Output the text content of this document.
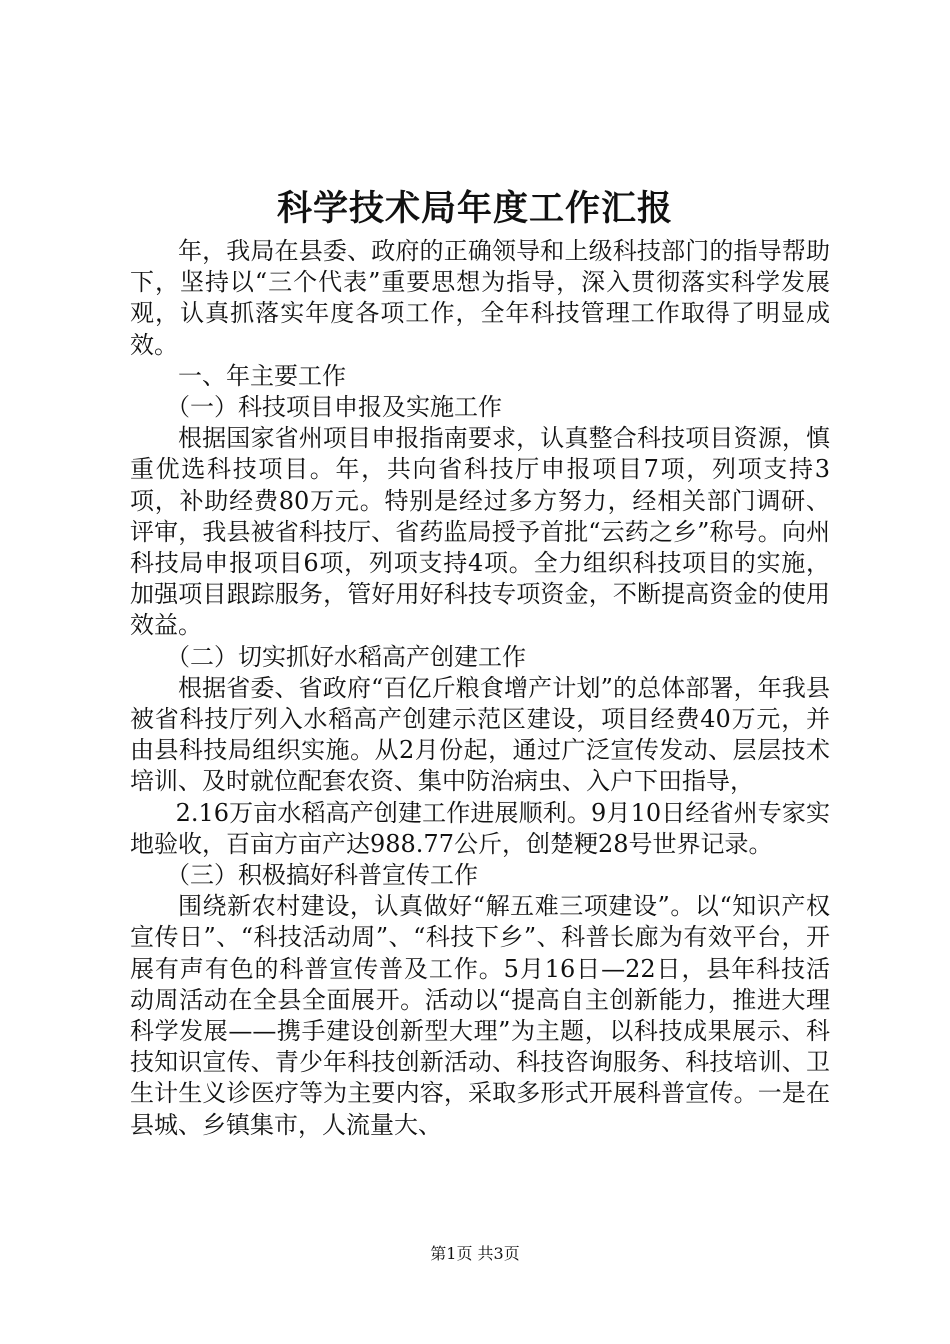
科学技术局年度工作汇报

年，我局在县委、政府的正确领导和上级科技部门的指导帮助下，坚持以“三个代表”重要思想为指导，深入贯彻落实科学发展观，认真抓落实年度各项工作，全年科技管理工作取得了明显成效。

一、年主要工作

（一）科技项目申报及实施工作

根据国家省州项目申报指南要求，认真整合科技项目资源，慎重优选科技项目。年，共向省科技厅申报项目7项，列项支持3项，补助经费80万元。特别是经过多方努力，经相关部门调研、评审，我县被省科技厅、省药监局授予首批“云药之乡”称号。向州科技局申报项目6项，列项支持4项。全力组织科技项目的实施，加强项目跟踪服务，管好用好科技专项资金，不断提高资金的使用效益。

（二）切实抓好水稻高产创建工作

根据省委、省政府“百亿斤粮食增产计划”的总体部署，年我县被省科技厅列入水稻高产创建示范区建设，项目经费40万元，并由县科技局组织实施。从2月份起，通过广泛宣传发动、层层技术培训、及时就位配套农资、集中防治病虫、入户下田指导，

2.16万亩水稻高产创建工作进展顺利。9月10日经省州专家实地验收，百亩方亩产达988.77公斤，创楚粳28号世界记录。

（三）积极搞好科普宣传工作

围绕新农村建设，认真做好“解五难三项建设”。以“知识产权宣传日”、“科技活动周”、“科技下乡”、科普长廊为有效平台，开展有声有色的科普宣传普及工作。5月16日—22日，县年科技活动周活动在全县全面展开。活动以“提高自主创新能力，推进大理科学发展——携手建设创新型大理”为主题，以科技成果展示、科技知识宣传、青少年科技创新活动、科技咨询服务、科技培训、卫生计生义诊医疗等为主要内容，采取多形式开展科普宣传。一是在县城、乡镇集市，人流量大、

第1页 共3页
